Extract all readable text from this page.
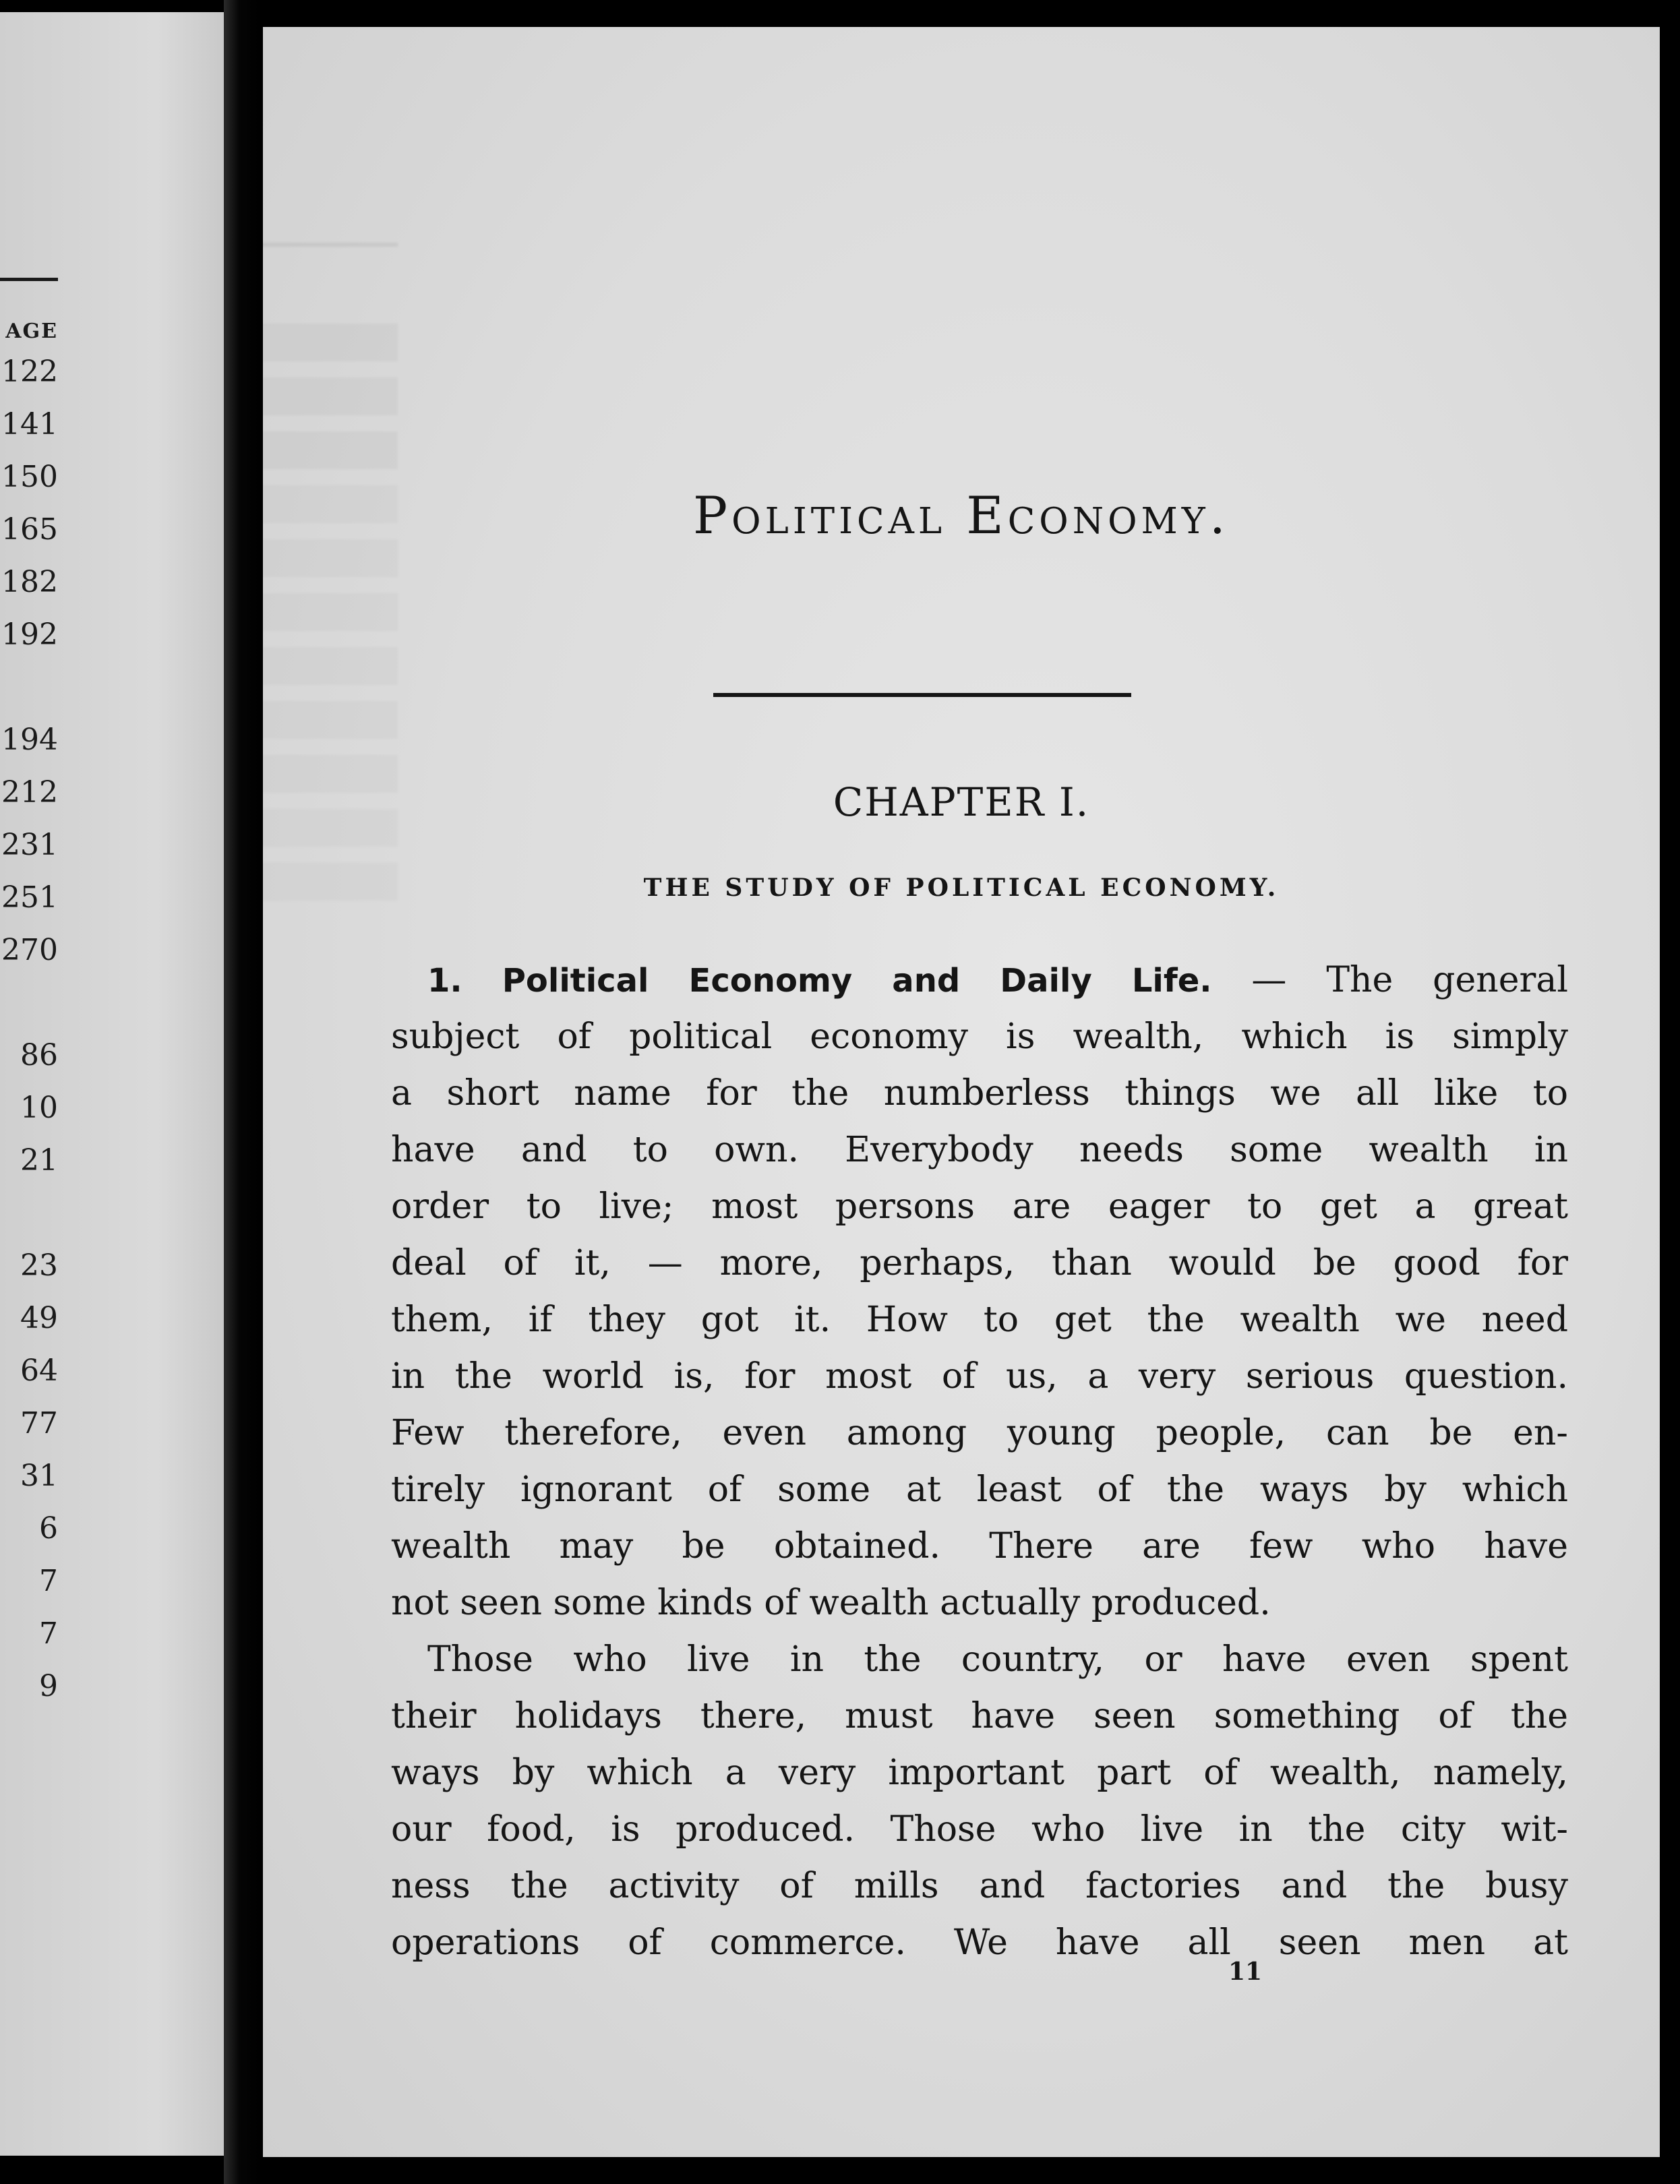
AGE
122
141
150
165
182
192
194
212
231
251
270
86
10
21
23
49
64
77
31
6
7
7
9
Political Economy.
CHAPTER I.
THE STUDY OF POLITICAL ECONOMY.
1. Political Economy and Daily Life. — The general
subject of political economy is wealth, which is simply
a short name for the numberless things we all like to
have and to own. Everybody needs some wealth in
order to live; most persons are eager to get a great
deal of it, — more, perhaps, than would be good for
them, if they got it. How to get the wealth we need
in the world is, for most of us, a very serious question.
Few therefore, even among young people, can be en-
tirely ignorant of some at least of the ways by which
wealth may be obtained. There are few who have
not seen some kinds of wealth actually produced.
Those who live in the country, or have even spent
their holidays there, must have seen something of the
ways by which a very important part of wealth, namely,
our food, is produced. Those who live in the city wit-
ness the activity of mills and factories and the busy
operations of commerce. We have all seen men at
11
